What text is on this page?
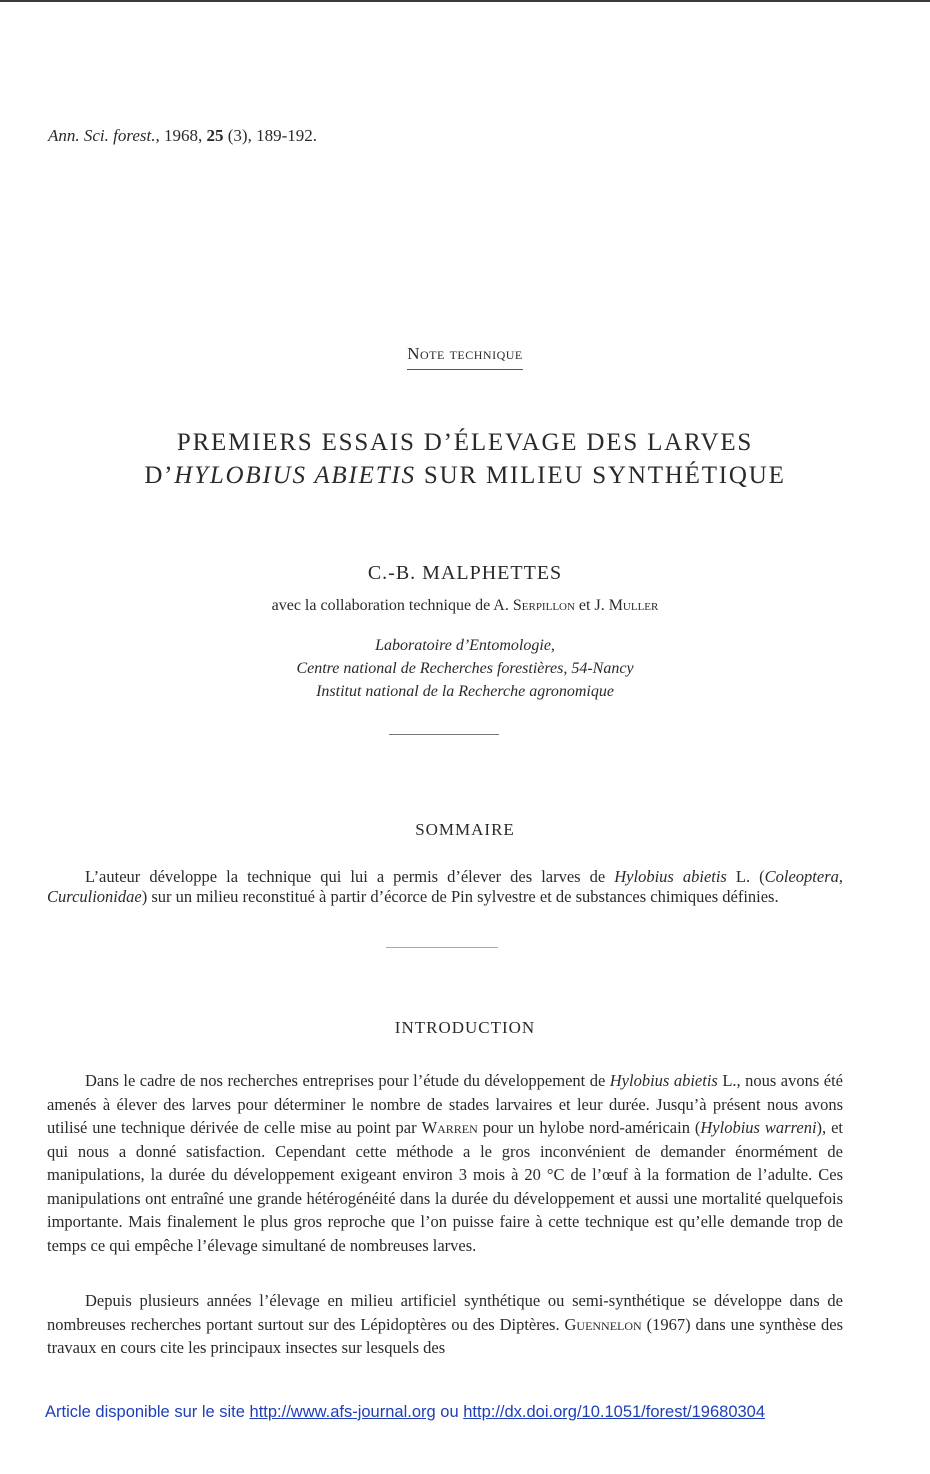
Ann. Sci. forest., 1968, 25 (3), 189-192.

Note technique

PREMIERS ESSAIS D’ÉLEVAGE DES LARVES
D’HYLOBIUS ABIETIS SUR MILIEU SYNTHÉTIQUE

C.-B. MALPHETTES

avec la collaboration technique de A. Serpillon et J. Muller

Laboratoire d’Entomologie,
Centre national de Recherches forestières, 54-Nancy
Institut national de la Recherche agronomique

SOMMAIRE

L’auteur développe la technique qui lui a permis d’élever des larves de Hylobius abietis L. (Coleoptera, Curculionidae) sur un milieu reconstitué à partir d’écorce de Pin sylvestre et de substances chimiques définies.

INTRODUCTION

Dans le cadre de nos recherches entreprises pour l’étude du développement de Hylobius abietis L., nous avons été amenés à élever des larves pour déterminer le nombre de stades larvaires et leur durée. Jusqu’à présent nous avons utilisé une technique dérivée de celle mise au point par Warren pour un hylobe nord-américain (Hylobius warreni), et qui nous a donné satisfaction. Cependant cette méthode a le gros inconvénient de demander énormément de manipulations, la durée du développement exigeant environ 3 mois à 20 °C de l’œuf à la formation de l’adulte. Ces manipulations ont entraîné une grande hétérogénéité dans la durée du développement et aussi une mortalité quelquefois importante. Mais finalement le plus gros reproche que l’on puisse faire à cette technique est qu’elle demande trop de temps ce qui empêche l’élevage simultané de nombreuses larves.

Depuis plusieurs années l’élevage en milieu artificiel synthétique ou semi-synthétique se développe dans de nombreuses recherches portant surtout sur des Lépidoptères ou des Diptères. Guennelon (1967) dans une synthèse des travaux en cours cite les principaux insectes sur lesquels des

Article disponible sur le site http://www.afs-journal.org ou http://dx.doi.org/10.1051/forest/19680304
